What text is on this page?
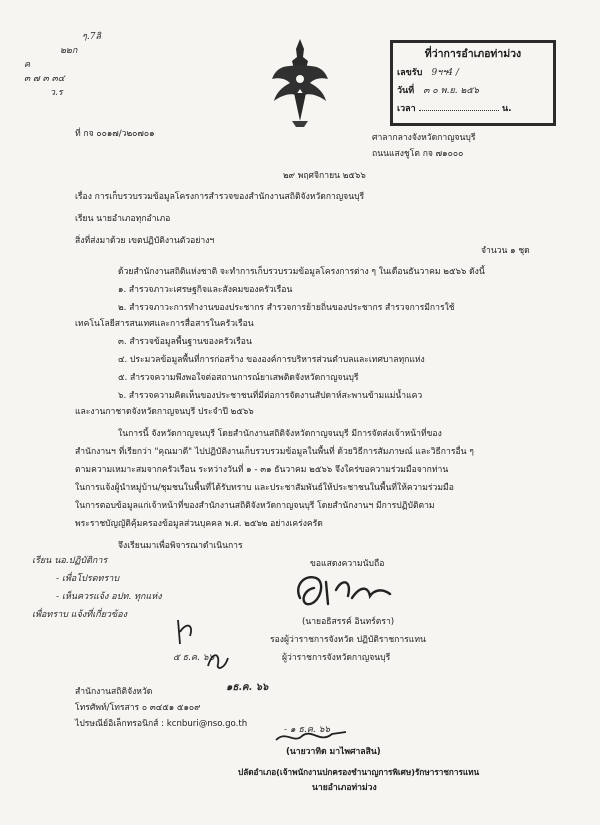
ๆ.7ลิ
๒๒ก
ค
๓ ๗ ๓ ๓๔
ว.ร
ที่ว่าการอำเภอท่าม่วง
เลขรับ 9ฯฯ4 /
วันที่ ๓ ๐ พ.ย. ๒๕๖
เวลา	น.
ที่ กจ ๐๐๑๗/ว๒๐๗๐๑	ศาลากลางจังหวัดกาญจนบุรี
ถนนแสงชูโต กจ ๗๑๐๐๐
๒๙ พฤศจิกายน ๒๕๖๖
เรื่อง การเก็บรวบรวมข้อมูลโครงการสำรวจของสำนักงานสถิติจังหวัดกาญจนบุรี
เรียน นายอำเภอทุกอำเภอ
สิ่งที่ส่งมาด้วย เขตปฏิบัติงานตัวอย่างฯ
จำนวน ๑ ชุด
ด้วยสำนักงานสถิติแห่งชาติ จะทำการเก็บรวบรวมข้อมูลโครงการต่าง ๆ ในเดือนธันวาคม ๒๕๖๖ ดังนี้
๑. สำรวจภาวะเศรษฐกิจและสังคมของครัวเรือน
๒. สำรวจภาวะการทำงานของประชากร สำรวจการย้ายถิ่นของประชากร สำรวจการมีการใช้
เทคโนโลยีสารสนเทศและการสื่อสารในครัวเรือน
๓. สำรวจข้อมูลพื้นฐานของครัวเรือน
๔. ประมวลข้อมูลพื้นที่การก่อสร้าง ขององค์การบริหารส่วนตำบลและเทศบาลทุกแห่ง
๕. สำรวจความพึงพอใจต่อสถานการณ์ยาเสพติดจังหวัดกาญจนบุรี
๖. สำรวจความคิดเห็นของประชาชนที่มีต่อการจัดงานสัปดาห์สะพานข้ามแม่น้ำแคว
และงานกาชาดจังหวัดกาญจนบุรี ประจำปี ๒๕๖๖
ในการนี้ จังหวัดกาญจนบุรี โดยสำนักงานสถิติจังหวัดกาญจนบุรี มีการจัดส่งเจ้าหน้าที่ของ
สำนักงานฯ ที่เรียกว่า "คุณมาดี" ไปปฏิบัติงานเก็บรวบรวมข้อมูลในพื้นที่ ด้วยวิธีการสัมภาษณ์ และวิธีการอื่น ๆ
ตามความเหมาะสมจากครัวเรือน ระหว่างวันที่ ๑ - ๓๑ ธันวาคม ๒๕๖๖ จึงใคร่ขอความร่วมมือจากท่าน
ในการแจ้งผู้นำหมู่บ้าน/ชุมชนในพื้นที่ได้รับทราบ และประชาสัมพันธ์ให้ประชาชนในพื้นที่ให้ความร่วมมือ
ในการตอบข้อมูลแก่เจ้าหน้าที่ของสำนักงานสถิติจังหวัดกาญจนบุรี โดยสำนักงานฯ มีการปฏิบัติตาม
พระราชบัญญัติคุ้มครองข้อมูลส่วนบุคคล พ.ศ. ๒๕๖๒ อย่างเคร่งครัด
จึงเรียนมาเพื่อพิจารณาดำเนินการ
เรียน นอ.ปฏิบัติการ
- เพื่อโปรดทราบ
- เห็นควรแจ้ง อปท. ทุกแห่ง
เพื่อทราบ แจ้งที่เกี่ยวข้อง
ขอแสดงความนับถือ
(นายอธิสรรค์ อินทร์ตรา)
รองผู้ว่าราชการจังหวัด ปฏิบัติราชการแทน
ผู้ว่าราชการจังหวัดกาญจนบุรี
๕ ธ.ค. ๖๖
๑ธ.ค. ๖๖
สำนักงานสถิติจังหวัด
โทรศัพท์/โทรสาร ๐ ๓๔๕๑ ๕๑๐๙
ไปรษณีย์อิเล็กทรอนิกส์ : kcnburi@nso.go.th
- ๑ ธ.ค. ๖๖
(นายวาทิต มาไพศาลสิน)
ปลัดอำเภอ(เจ้าพนักงานปกครองชำนาญการพิเศษ)รักษาราชการแทน
นายอำเภอท่าม่วง
